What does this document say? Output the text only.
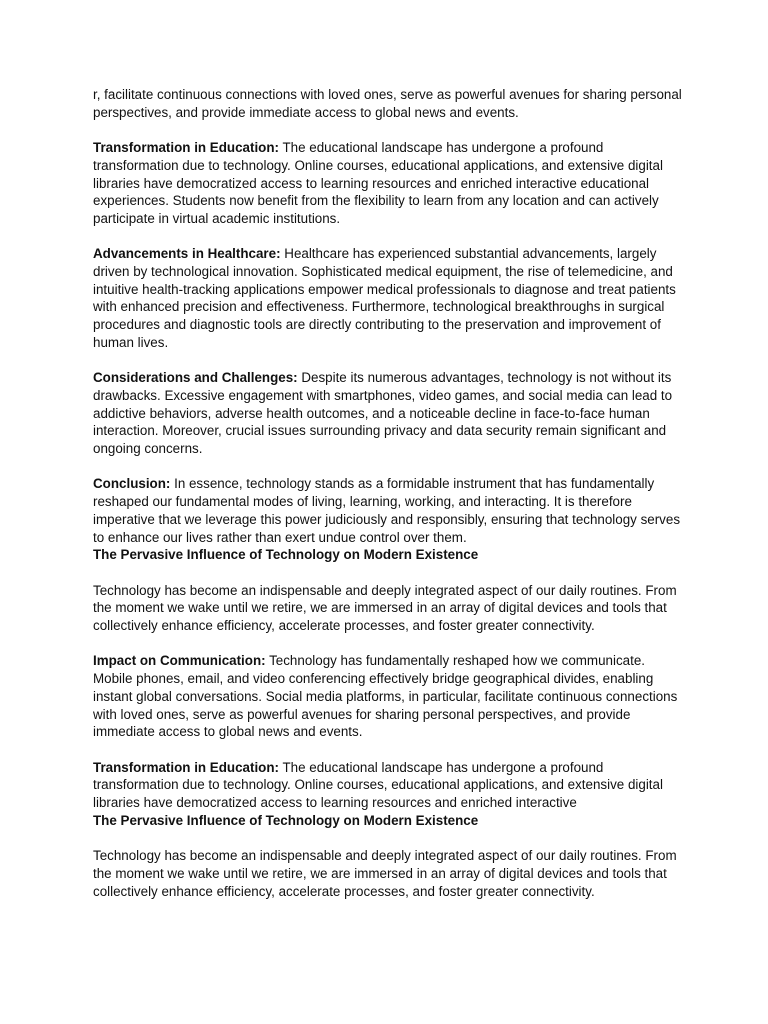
r, facilitate continuous connections with loved ones, serve as powerful avenues for sharing personal perspectives, and provide immediate access to global news and events.

Transformation in Education: The educational landscape has undergone a profound transformation due to technology. Online courses, educational applications, and extensive digital libraries have democratized access to learning resources and enriched interactive educational experiences. Students now benefit from the flexibility to learn from any location and can actively participate in virtual academic institutions.

Advancements in Healthcare: Healthcare has experienced substantial advancements, largely driven by technological innovation. Sophisticated medical equipment, the rise of telemedicine, and intuitive health-tracking applications empower medical professionals to diagnose and treat patients with enhanced precision and effectiveness. Furthermore, technological breakthroughs in surgical procedures and diagnostic tools are directly contributing to the preservation and improvement of human lives.

Considerations and Challenges: Despite its numerous advantages, technology is not without its drawbacks. Excessive engagement with smartphones, video games, and social media can lead to addictive behaviors, adverse health outcomes, and a noticeable decline in face-to-face human interaction. Moreover, crucial issues surrounding privacy and data security remain significant and ongoing concerns.

Conclusion: In essence, technology stands as a formidable instrument that has fundamentally reshaped our fundamental modes of living, learning, working, and interacting. It is therefore imperative that we leverage this power judiciously and responsibly, ensuring that technology serves to enhance our lives rather than exert undue control over them.

The Pervasive Influence of Technology on Modern Existence

Technology has become an indispensable and deeply integrated aspect of our daily routines. From the moment we wake until we retire, we are immersed in an array of digital devices and tools that collectively enhance efficiency, accelerate processes, and foster greater connectivity.

Impact on Communication: Technology has fundamentally reshaped how we communicate. Mobile phones, email, and video conferencing effectively bridge geographical divides, enabling instant global conversations. Social media platforms, in particular, facilitate continuous connections with loved ones, serve as powerful avenues for sharing personal perspectives, and provide immediate access to global news and events.

Transformation in Education: The educational landscape has undergone a profound transformation due to technology. Online courses, educational applications, and extensive digital libraries have democratized access to learning resources and enriched interactive

The Pervasive Influence of Technology on Modern Existence

Technology has become an indispensable and deeply integrated aspect of our daily routines. From the moment we wake until we retire, we are immersed in an array of digital devices and tools that collectively enhance efficiency, accelerate processes, and foster greater connectivity.
